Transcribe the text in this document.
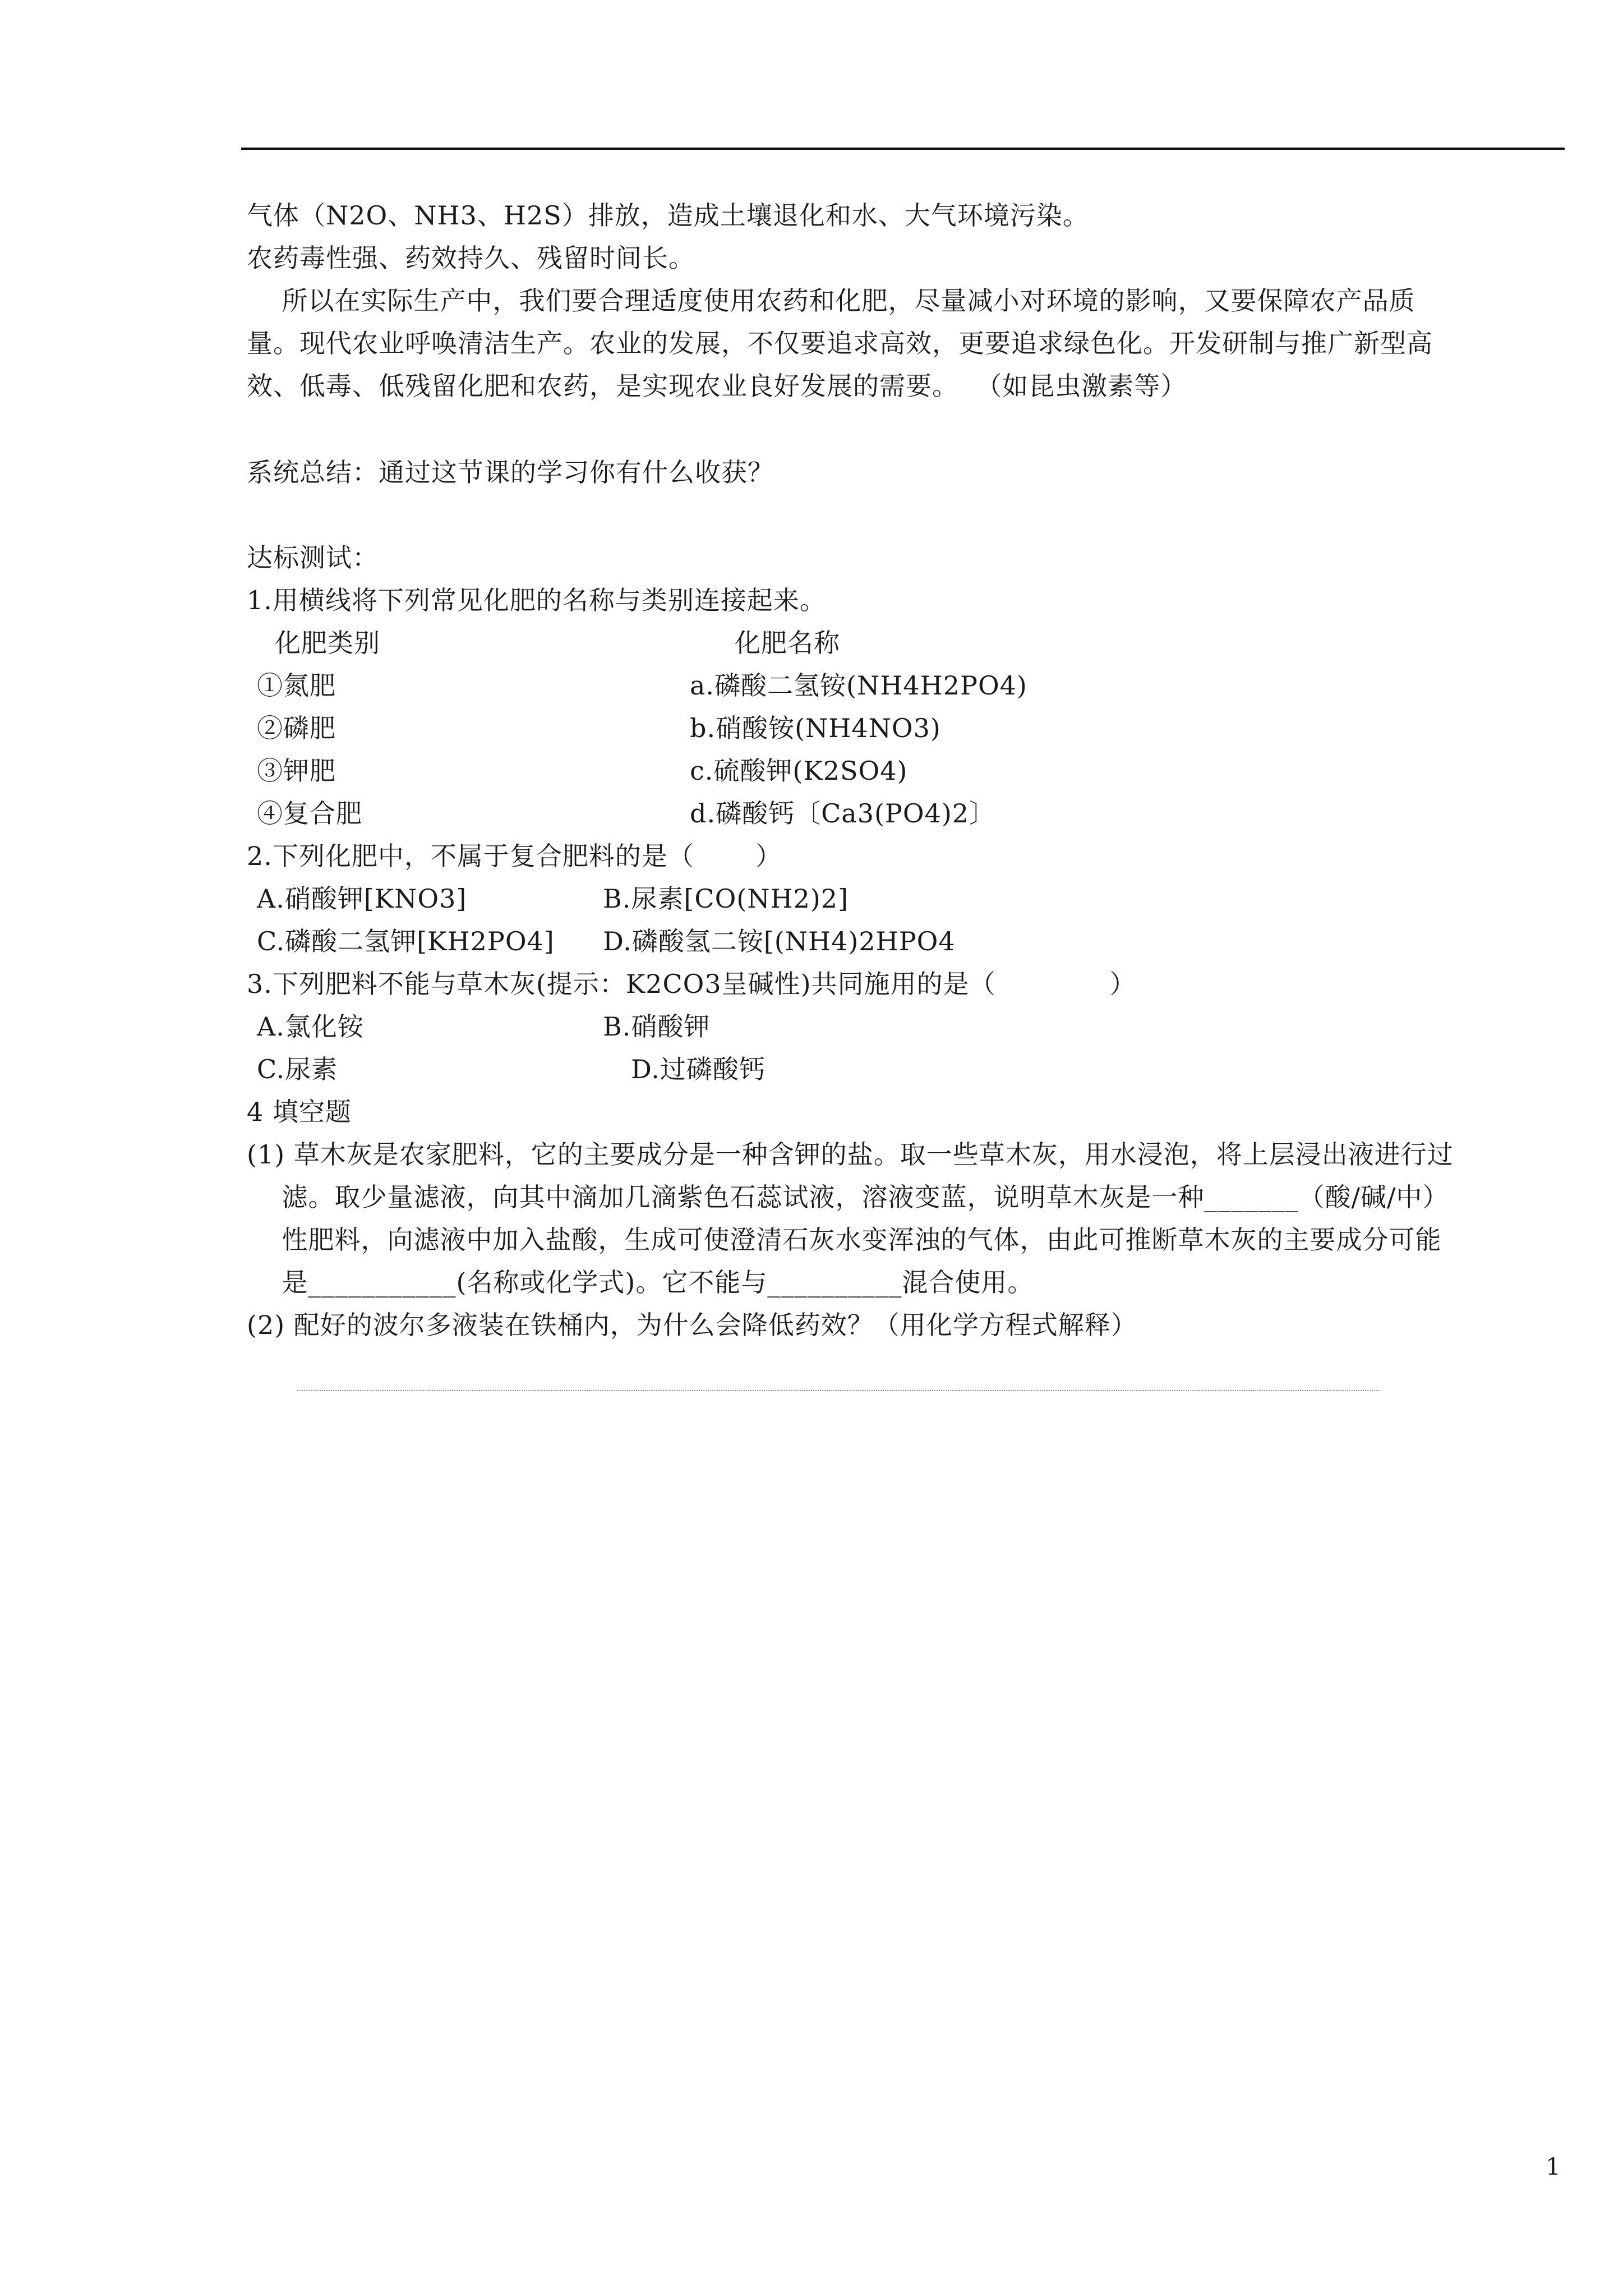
气体（N2O、NH3、H2S）排放，造成土壤退化和水、大气环境污染。
农药毒性强、药效持久、残留时间长。
所以在实际生产中，我们要合理适度使用农药和化肥，尽量减小对环境的影响，又要保障农产品质
量。现代农业呼唤清洁生产。农业的发展，不仅要追求高效，更要追求绿色化。开发研制与推广新型高
效、低毒、低残留化肥和农药，是实现农业良好发展的需要。  （如昆虫激素等）
系统总结：通过这节课的学习你有什么收获？
达标测试：
1.用横线将下列常见化肥的名称与类别连接起来。
化肥类别	化肥名称
①氮肥	a.磷酸二氢铵(NH4H2PO4)
②磷肥	b.硝酸铵(NH4NO3)
③钾肥	c.硫酸钾(K2SO4)
④复合肥	d.磷酸钙〔Ca3(PO4)2〕
2.下列化肥中，不属于复合肥料的是（       ）
A.硝酸钾[KNO3]	B.尿素[CO(NH2)2]
C.磷酸二氢钾[KH2PO4] D.磷酸氢二铵[(NH4)2HPO4
3.下列肥料不能与草木灰(提示：K2CO3呈碱性)共同施用的是（             ）
A.氯化铵	B.硝酸钾
C.尿素	D.过磷酸钙
4 填空题
(1) 草木灰是农家肥料，它的主要成分是一种含钾的盐。取一些草木灰，用水浸泡，将上层浸出液进行过
滤。取少量滤液，向其中滴加几滴紫色石蕊试液，溶液变蓝，说明草木灰是一种_______（酸/碱/中）
性肥料，向滤液中加入盐酸，生成可使澄清石灰水变浑浊的气体，由此可推断草木灰的主要成分可能
是___________(名称或化学式)。它不能与__________混合使用。
(2) 配好的波尔多液装在铁桶内，为什么会降低药效？（用化学方程式解释）
1
